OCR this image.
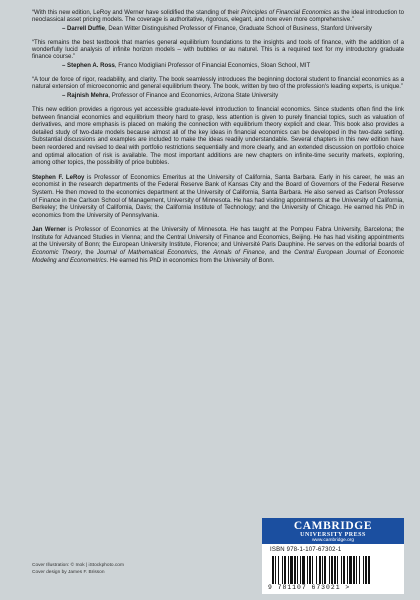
“With this new edition, LeRoy and Werner have solidified the standing of their Principles of Financial Economics as the ideal introduction to neoclassical asset pricing models. The coverage is authoritative, rigorous, elegant, and now even more comprehensive.”

– Darrell Duffie, Dean Witter Distinguished Professor of Finance, Graduate School of Business, Stanford University

“This remains the best textbook that marries general equilibrium foundations to the insights and tools of finance, with the addition of a wonderfully lucid analysis of infinite horizon models – with bubbles or au naturel. This is a required text for my introductory graduate finance course.”

– Stephen A. Ross, Franco Modigliani Professor of Financial Economics, Sloan School, MIT

“A tour de force of rigor, readability, and clarity. The book seamlessly introduces the beginning doctoral student to financial economics as a natural extension of microeconomic and general equilibrium theory. The book, written by two of the profession's leading experts, is unique.”

– Rajnish Mehra, Professor of Finance and Economics, Arizona State University

This new edition provides a rigorous yet accessible graduate-level introduction to financial economics. Since students often find the link between financial economics and equilibrium theory hard to grasp, less attention is given to purely financial topics, such as valuation of derivatives, and more emphasis is placed on making the connection with equilibrium theory explicit and clear. This book also provides a detailed study of two-date models because almost all of the key ideas in financial economics can be developed in the two-date setting. Substantial discussions and examples are included to make the ideas readily understandable. Several chapters in this new edition have been reordered and revised to deal with portfolio restrictions sequentially and more clearly, and an extended discussion on portfolio choice and optimal allocation of risk is available. The most important additions are new chapters on infinite-time security markets, exploring, among other topics, the possibility of price bubbles.

Stephen F. LeRoy is Professor of Economics Emeritus at the University of California, Santa Barbara. Early in his career, he was an economist in the research departments of the Federal Reserve Bank of Kansas City and the Board of Governors of the Federal Reserve System. He then moved to the economics department at the University of California, Santa Barbara. He also served as Carlson Professor of Finance in the Carlson School of Management, University of Minnesota. He has had visiting appointments at the University of California, Berkeley; the University of California, Davis; the California Institute of Technology; and the University of Chicago. He earned his PhD in economics from the University of Pennsylvania.

Jan Werner is Professor of Economics at the University of Minnesota. He has taught at the Pompeu Fabra University, Barcelona; the Institute for Advanced Studies in Vienna; and the Central University of Finance and Economics, Beijing. He has had visiting appointments at the University of Bonn; the European University Institute, Florence; and Université Paris Dauphine. He serves on the editorial boards of Economic Theory, the Journal of Mathematical Economics, the Annals of Finance, and the Central European Journal of Economic Modeling and Econometrics. He earned his PhD in economics from the University of Bonn.

Cover Illustration: © Inok | iStockphoto.com
Cover design by James F. Brisson
CAMBRIDGE
UNIVERSITY PRESS
www.cambridge.org
ISBN 978-1-107-67302-1
9 781107 673021 >
